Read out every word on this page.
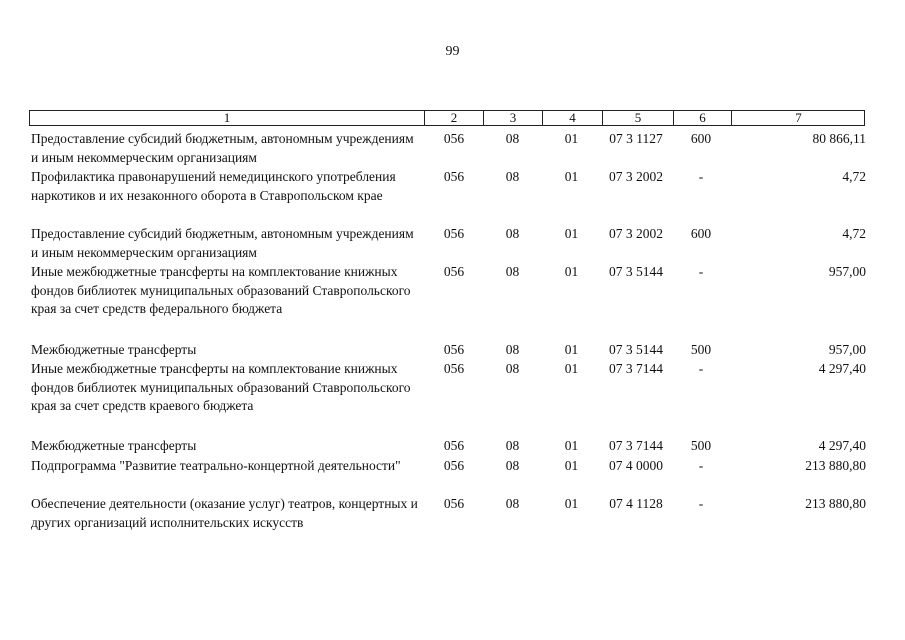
99
1	2	3	4	5	6	7
Предоставление субсидий бюджетным, автономным учреждениям и иным некоммерческим организациям
056	08	01	07 3 1127	600	80 866,11
Профилактика правонарушений немедицинского употребления наркотиков и их незаконного оборота в Ставропольском крае
056	08	01	07 3 2002	-	4,72
Предоставление субсидий бюджетным, автономным учреждениям и иным некоммерческим организациям
056	08	01	07 3 2002	600	4,72
Иные межбюджетные трансферты на комплектование книжных фондов библиотек муниципальных образований Ставропольского края за счет средств федерального бюджета
056	08	01	07 3 5144	-	957,00
Межбюджетные трансферты	056	08	01	07 3 5144	500	957,00
Иные межбюджетные трансферты на комплектование книжных фондов библиотек муниципальных образований Ставропольского края за счет средств краевого бюджета
056	08	01	07 3 7144	-	4 297,40
Межбюджетные трансферты	056	08	01	07 3 7144	500	4 297,40
Подпрограмма "Развитие театрально-концертной деятельности"	056	08	01	07 4 0000	-	213 880,80
Обеспечение деятельности (оказание услуг) театров, концертных и других организаций исполнительских искусств
056	08	01	07 4 1128	-	213 880,80
